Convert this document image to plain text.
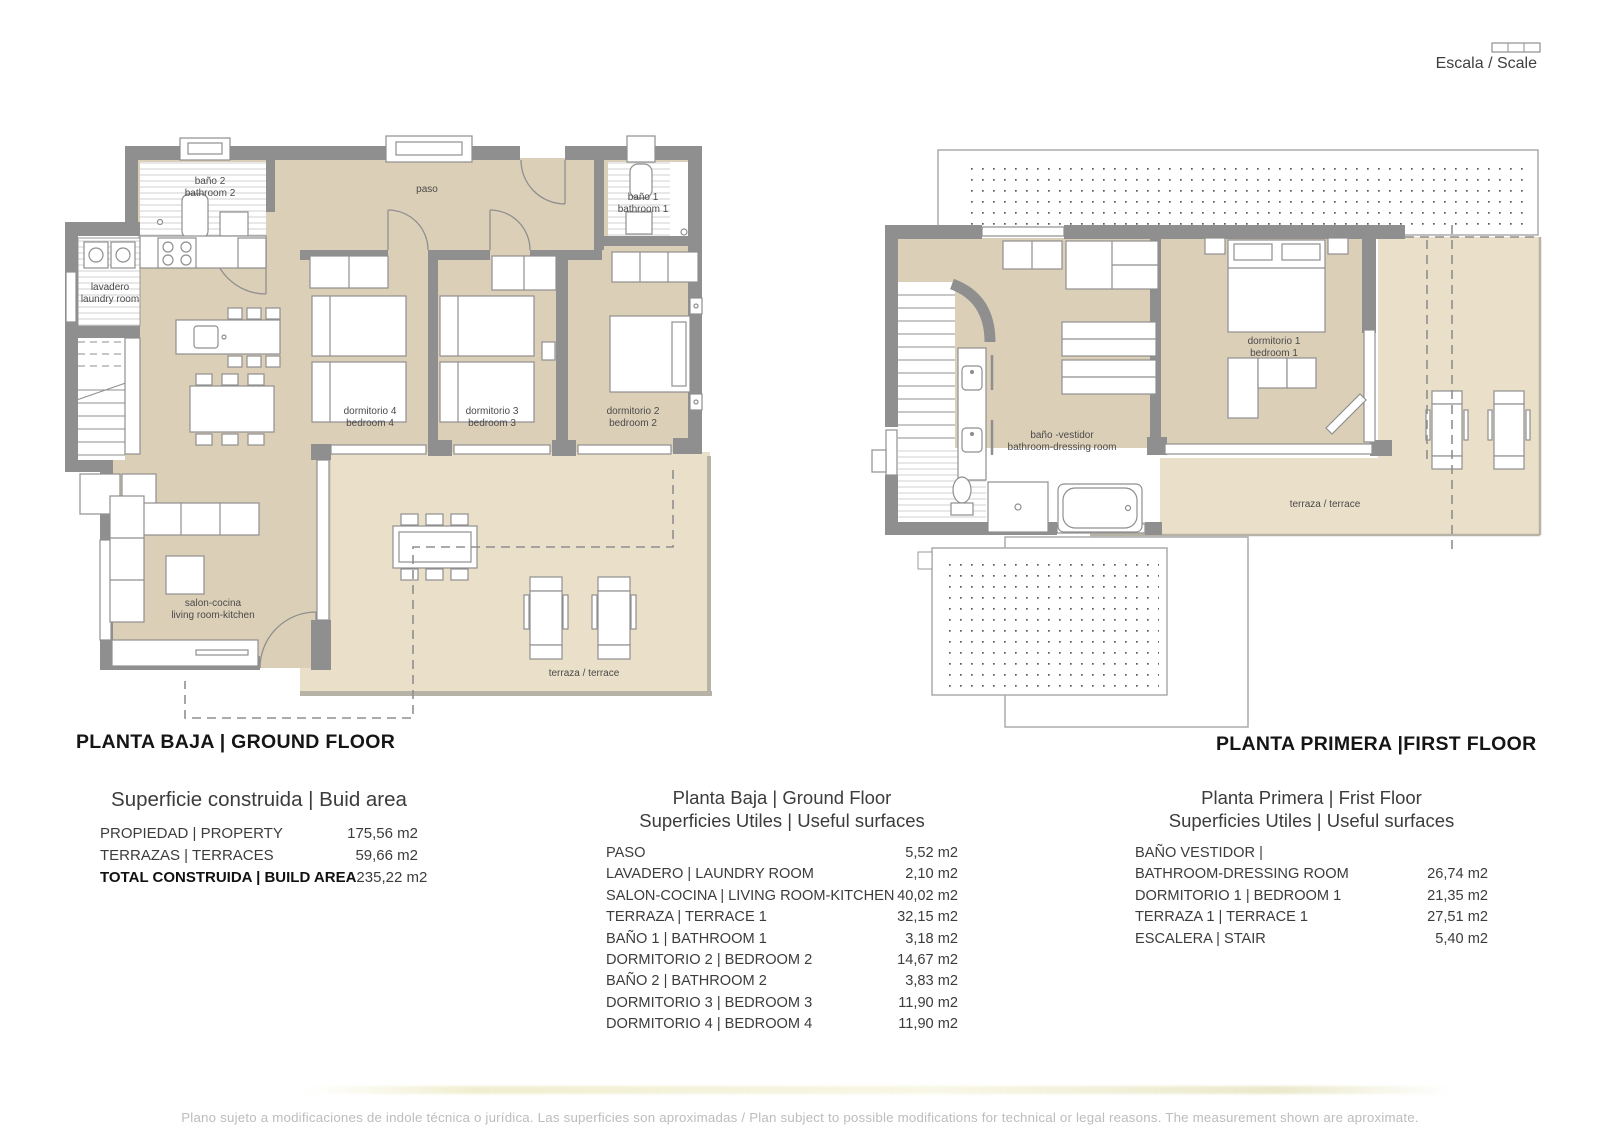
baño 2
bathroom 2	paso
baño 1
bathroom 1
lavadero
laundry room
dormitorio 4
bedroom 4
dormitorio 3
bedroom 3
dormitorio 2
bedroom 2
salon-cocina
living room-kitchen
terraza / terrace
baño -vestidor
bathroom-dressing room
dormitorio 1
bedroom 1
terraza / terrace
Escala / Scale
PLANTA BAJA | GROUND FLOOR	PLANTA PRIMERA |FIRST FLOOR
Superficie construida | Buid area
PROPIEDAD | PROPERTY	175,56 m2
TERRAZAS | TERRACES	59,66 m2
TOTAL CONSTRUIDA | BUILD AREA 235,22 m2
Planta Baja | Ground Floor
Superficies Utiles | Useful surfaces
PASO	5,52 m2
LAVADERO | LAUNDRY ROOM	2,10 m2
SALON-COCINA | LIVING ROOM-KITCHEN 40,02 m2
TERRAZA | TERRACE 1	32,15 m2
BAÑO 1 | BATHROOM 1	3,18 m2
DORMITORIO 2 | BEDROOM 2	14,67 m2
BAÑO 2 | BATHROOM 2	3,83 m2
DORMITORIO 3 | BEDROOM 3	11,90 m2
DORMITORIO 4 | BEDROOM 4	11,90 m2
Planta Primera | Frist Floor
Superficies Utiles | Useful surfaces
BAÑO VESTIDOR |
BATHROOM-DRESSING ROOM	26,74 m2
DORMITORIO 1 | BEDROOM 1	21,35 m2
TERRAZA 1 | TERRACE 1	27,51 m2
ESCALERA | STAIR	5,40 m2
Plano sujeto a modificaciones de indole técnica o jurídica. Las superficies son aproximadas / Plan subject to possible modifications for technical or legal reasons. The measurement shown are aproximate.
